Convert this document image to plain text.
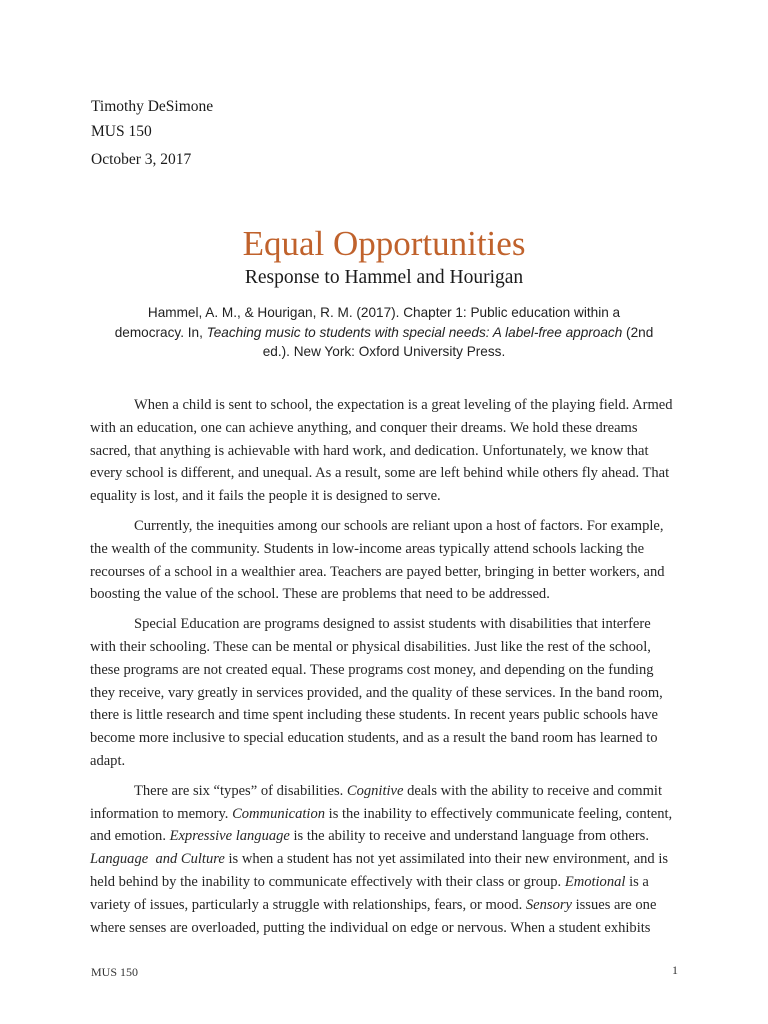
Timothy DeSimone
MUS 150
October 3, 2017
Equal Opportunities
Response to Hammel and Hourigan
Hammel, A. M., & Hourigan, R. M. (2017). Chapter 1: Public education within a democracy. In, Teaching music to students with special needs: A label-free approach (2nd ed.). New York: Oxford University Press.

When a child is sent to school, the expectation is a great leveling of the playing field. Armed with an education, one can achieve anything, and conquer their dreams. We hold these dreams sacred, that anything is achievable with hard work, and dedication. Unfortunately, we know that every school is different, and unequal. As a result, some are left behind while others fly ahead. That equality is lost, and it fails the people it is designed to serve.

Currently, the inequities among our schools are reliant upon a host of factors. For example, the wealth of the community. Students in low-income areas typically attend schools lacking the recourses of a school in a wealthier area. Teachers are payed better, bringing in better workers, and boosting the value of the school. These are problems that need to be addressed.

Special Education are programs designed to assist students with disabilities that interfere with their schooling. These can be mental or physical disabilities. Just like the rest of the school, these programs are not created equal. These programs cost money, and depending on the funding they receive, vary greatly in services provided, and the quality of these services. In the band room, there is little research and time spent including these students. In recent years public schools have become more inclusive to special education students, and as a result the band room has learned to adapt.

There are six “types” of disabilities. Cognitive deals with the ability to receive and commit information to memory. Communication is the inability to effectively communicate feeling, content, and emotion. Expressive language is the ability to receive and understand language from others. Language  and Culture is when a student has not yet assimilated into their new environment, and is held behind by the inability to communicate effectively with their class or group. Emotional is a variety of issues, particularly a struggle with relationships, fears, or mood. Sensory issues are one where senses are overloaded, putting the individual on edge or nervous. When a student exhibits

MUS 150	1
